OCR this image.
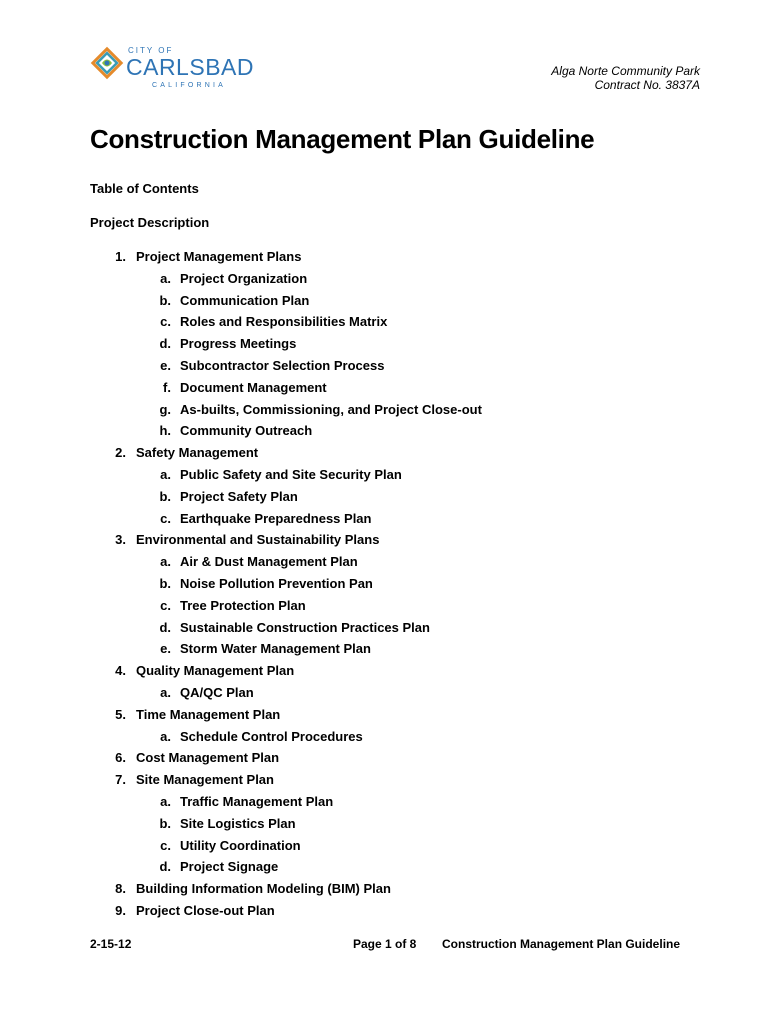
CITY OF
CARLSBAD
CALIFORNIA
Alga Norte Community Park
Contract No. 3837A
Construction Management Plan Guideline
Table of Contents
Project Description
1. Project Management Plans
a. Project Organization
b. Communication Plan
c. Roles and Responsibilities Matrix
d. Progress Meetings
e. Subcontractor Selection Process
f. Document Management
g. As-builts, Commissioning, and Project Close-out
h. Community Outreach
2. Safety Management
a. Public Safety and Site Security Plan
b. Project Safety Plan
c. Earthquake Preparedness Plan
3. Environmental and Sustainability Plans
a. Air & Dust Management Plan
b. Noise Pollution Prevention Pan
c. Tree Protection Plan
d. Sustainable Construction Practices Plan
e. Storm Water Management Plan
4. Quality Management Plan
a. QA/QC Plan
5. Time Management Plan
a. Schedule Control Procedures
6. Cost Management Plan
7. Site Management Plan
a. Traffic Management Plan
b. Site Logistics Plan
c. Utility Coordination
d. Project Signage
8. Building Information Modeling (BIM) Plan
9. Project Close-out Plan
2-15-12	Page 1 of 8 Construction Management Plan Guideline
